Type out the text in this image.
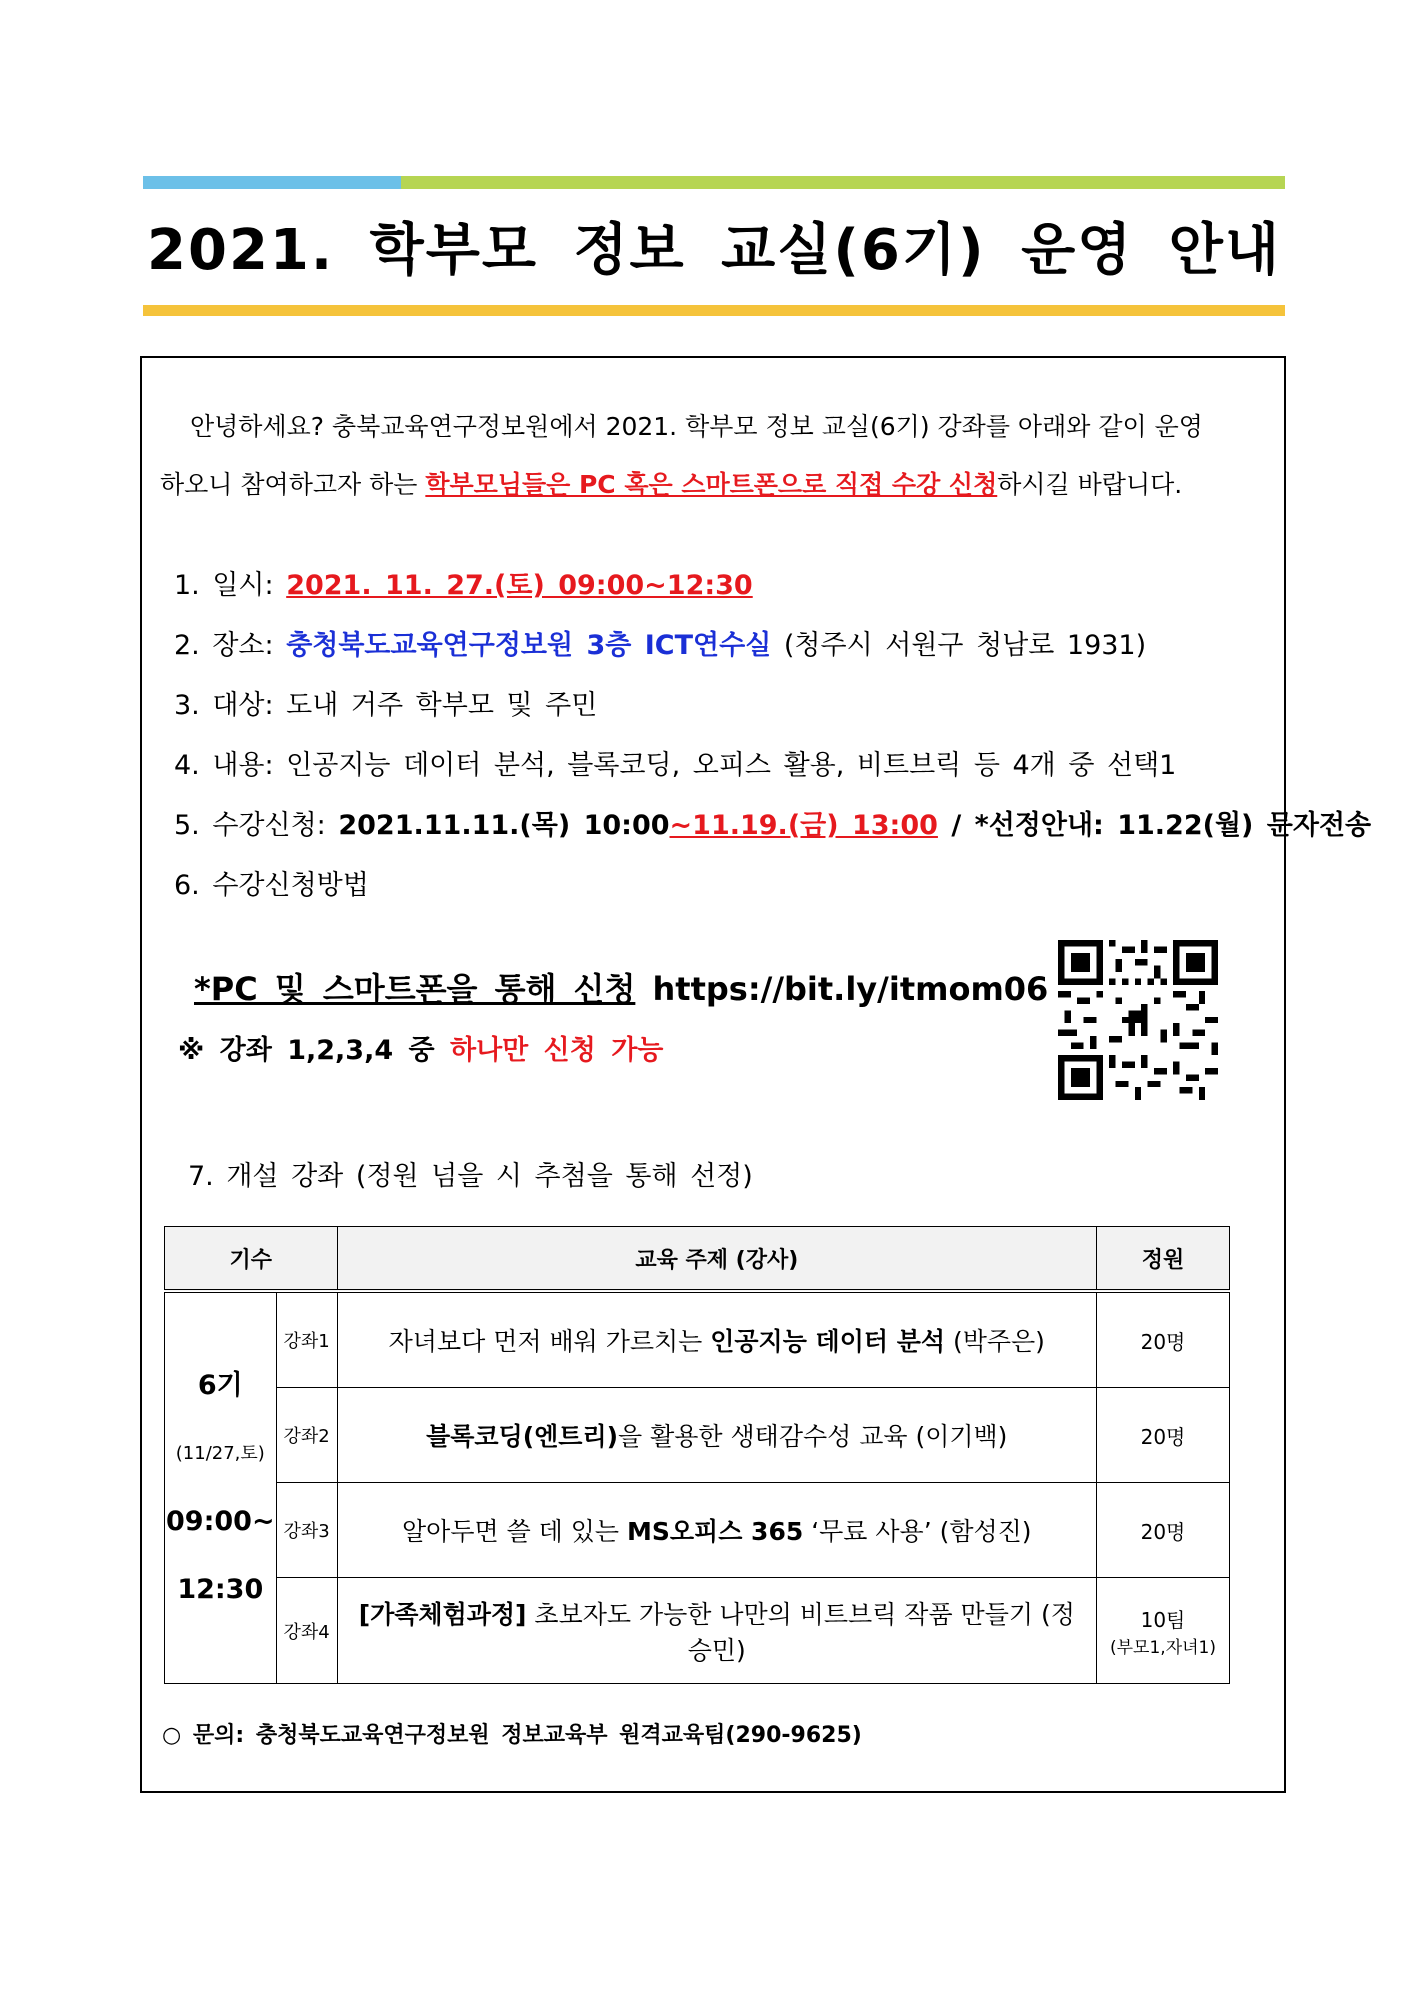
2021. 학부모 정보 교실(6기) 운영 안내
안녕하세요? 충북교육연구정보원에서 2021. 학부모 정보 교실(6기) 강좌를 아래와 같이 운영
하오니 참여하고자 하는 학부모님들은 PC 혹은 스마트폰으로 직접 수강 신청하시길 바랍니다.
1. 일시: 2021. 11. 27.(토) 09:00~12:30
2. 장소: 충청북도교육연구정보원 3층 ICT연수실 (청주시 서원구 청남로 1931)
3. 대상: 도내 거주 학부모 및 주민
4. 내용: 인공지능 데이터 분석, 블록코딩, 오피스 활용, 비트브릭 등 4개 중 선택1
5. 수강신청: 2021.11.11.(목) 10:00~11.19.(금) 13:00 / *선정안내: 11.22(월) 문자전송
6. 수강신청방법
*PC 및 스마트폰을 통해 신청 https://bit.ly/itmom06
※ 강좌 1,2,3,4 중 하나만 신청 가능
7. 개설 강좌 (정원 넘을 시 추첨을 통해 선정)
기수		교육 주제 (강사)	정원

6기
(11/27,토)
09:00~
12:30	강좌1	자녀보다 먼저 배워 가르치는 인공지능 데이터 분석 (박주은)	20명
	강좌2	블록코딩(엔트리)을 활용한 생태감수성 교육 (이기백)	20명
	강좌3	알아두면 쓸 데 있는 MS오피스 365 ‘무료 사용’ (함성진)	20명
	강좌4	[가족체험과정] 초보자도 가능한 나만의 비트브릭 작품 만들기 (정승민)	10팀
(부모1,자녀1)
○ 문의: 충청북도교육연구정보원 정보교육부 원격교육팀(290-9625)
